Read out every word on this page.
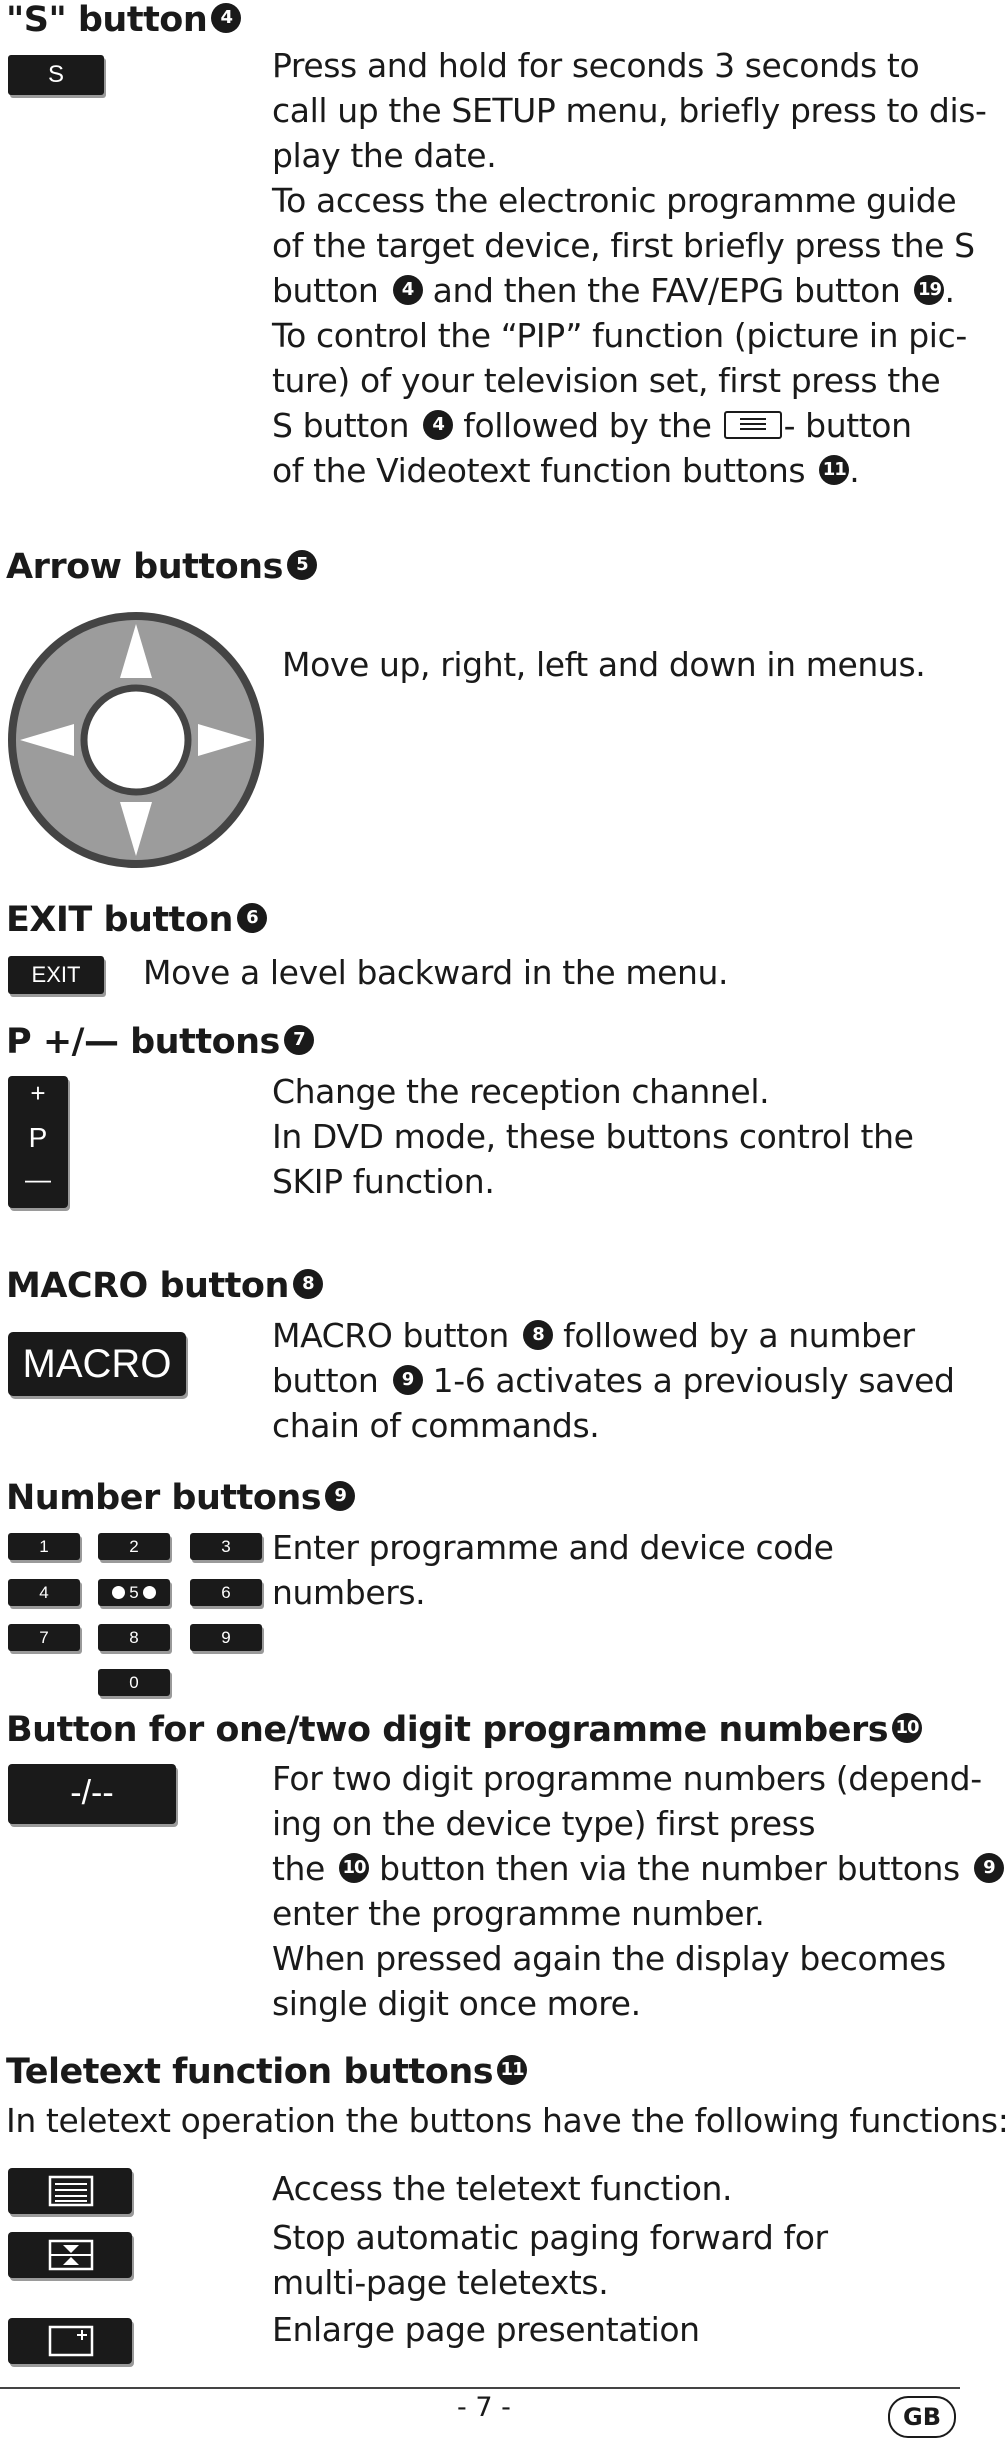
"S" button 4
S	Press and hold for seconds 3 seconds to
call up the SETUP menu, briefly press to dis-
play the date.
To access the electronic programme guide
of the target device, first briefly press the S
button 4 and then the FAV/EPG button 19 .
To control the “PIP” function (picture in pic-
ture) of your television set, first press the
S button 4 followed by the - button
of the Videotext function buttons 11 .
Arrow buttons 5
Move up, right, left and down in menus.
EXIT button 6
EXIT	Move a level backward in the menu.
P +/— buttons 7
+
P
—
Change the reception channel.
In DVD mode, these buttons control the
SKIP function.
MACRO button 8
MACRO
MACRO button 8 followed by a number
button 9 1-6 activates a previously saved
chain of commands.
Number buttons 9
1	2	3
4	5	6
7	8	9
0
Enter programme and device code numbers.
Button for one/two digit programme numbers 10
-/--	For two digit programme numbers (depend-
ing on the device type) first press
the 10 button then via the number buttons 9
enter the programme number.
When pressed again the display becomes
single digit once more.
Teletext function buttons 11
In teletext operation the buttons have the following functions:
Access the teletext function.
Stop automatic paging forward for
multi-page teletexts.
Enlarge page presentation
- 7 -	GB
